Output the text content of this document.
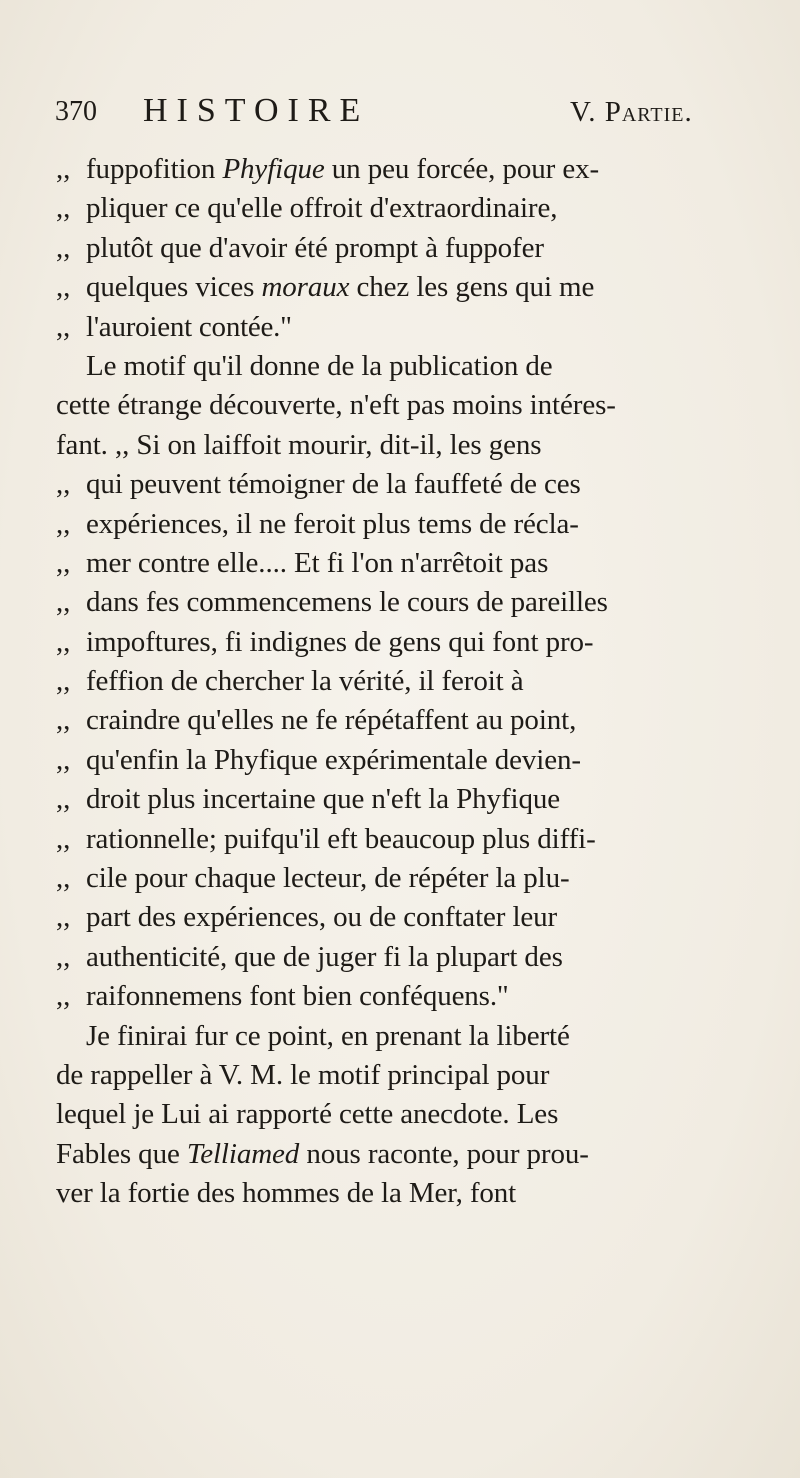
370 HISTOIRE	V. Partie.
,, fuppofition Phyfique un peu forcée, pour ex-
,, pliquer ce qu'elle offroit d'extraordinaire,
,, plutôt que d'avoir été prompt à fuppofer
,, quelques vices moraux chez les gens qui me
,, l'auroient contée."
Le motif qu'il donne de la publication de
cette étrange découverte, n'eft pas moins intéres-
fant. ,, Si on laiffoit mourir, dit-il, les gens
,, qui peuvent témoigner de la fauffeté de ces
,, expériences, il ne feroit plus tems de récla-
,, mer contre elle.... Et fi l'on n'arrêtoit pas
,, dans fes commencemens le cours de pareilles
,, impoftures, fi indignes de gens qui font pro-
,, feffion de chercher la vérité, il feroit à
,, craindre qu'elles ne fe répétaffent au point,
,, qu'enfin la Phyfique expérimentale devien-
,, droit plus incertaine que n'eft la Phyfique
,, rationnelle; puifqu'il eft beaucoup plus diffi-
,, cile pour chaque lecteur, de répéter la plu-
,, part des expériences, ou de conftater leur
,, authenticité, que de juger fi la plupart des
,, raifonnemens font bien conféquens."
Je finirai fur ce point, en prenant la liberté
de rappeller à V. M. le motif principal pour
lequel je Lui ai rapporté cette anecdote. Les
Fables que Telliamed nous raconte, pour prou-
ver la fortie des hommes de la Mer, font
